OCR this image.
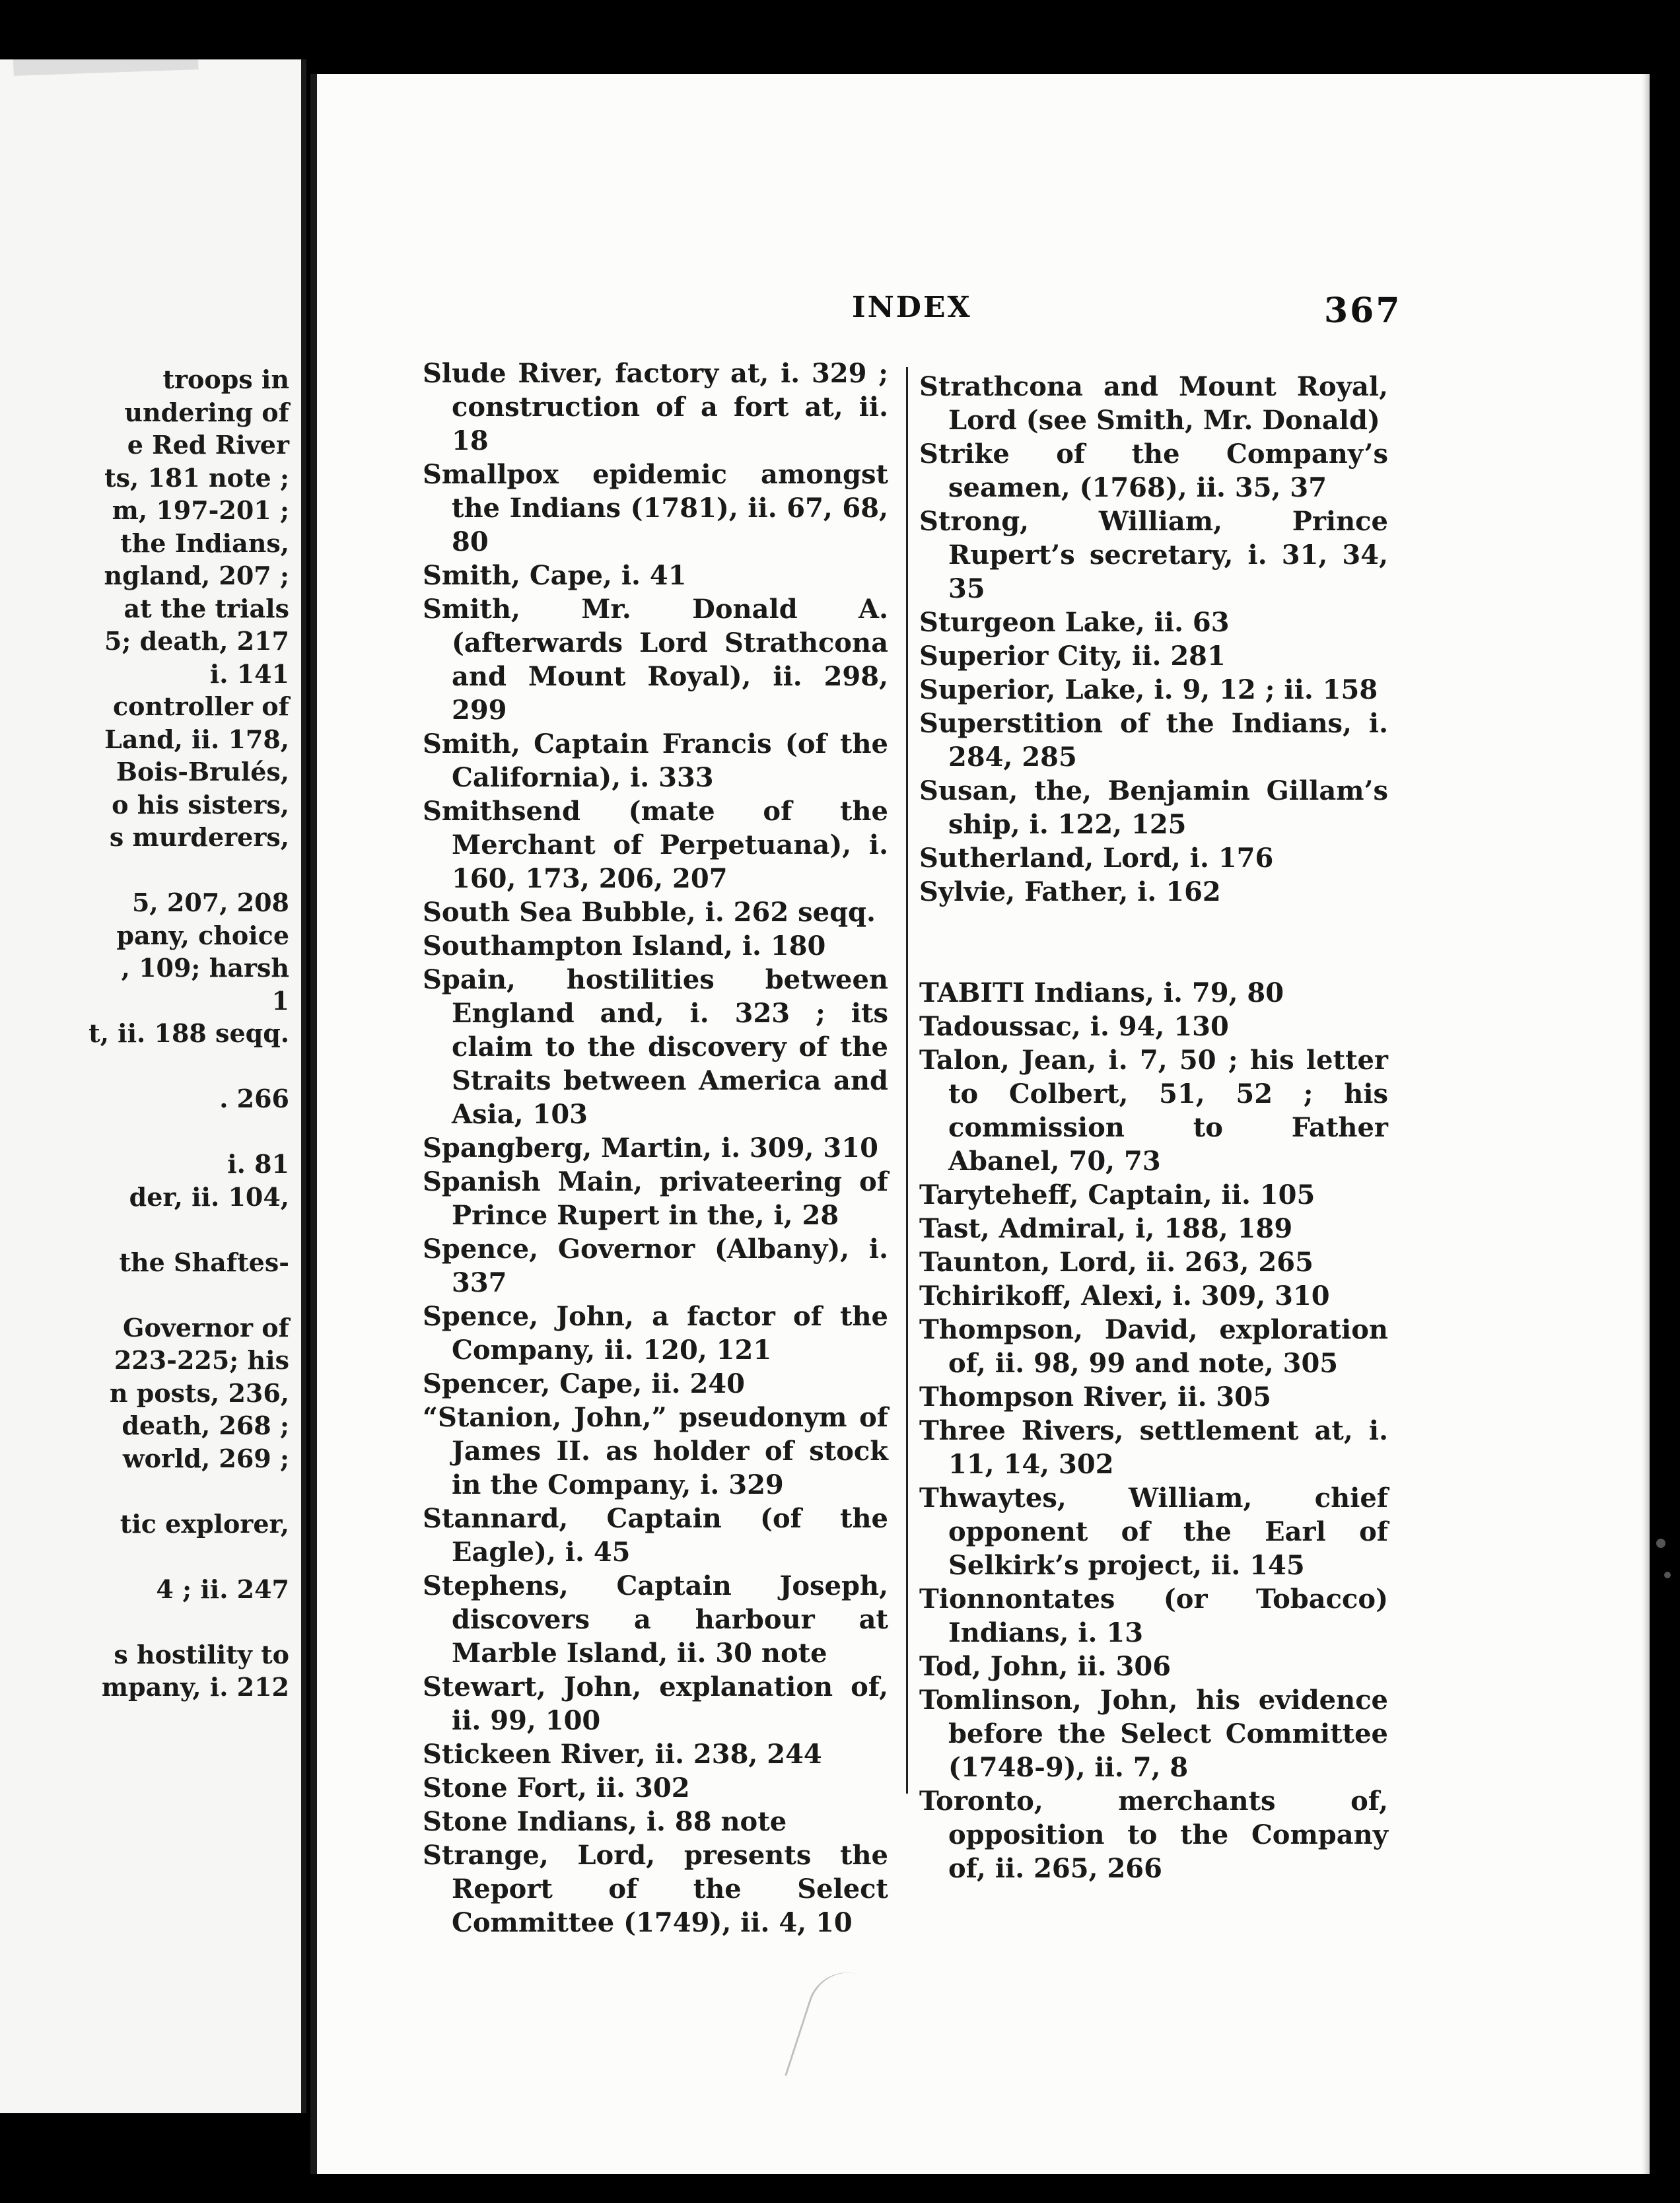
troops in
undering of
e Red River
ts, 181 note ;
m, 197-201 ;
the Indians,
ngland, 207 ;
at the trials
5; death, 217
i. 141
controller of
Land, ii. 178,
Bois-Brulés,
o his sisters,
s murderers,
5, 207, 208
pany, choice
, 109; harsh
1
t, ii. 188 seqq.
. 266
i. 81
der, ii. 104,
the Shaftes-
Governor of
223-225; his
n posts, 236,
death, 268 ;
world, 269 ;
tic explorer,
4 ; ii. 247
s hostility to
mpany, i. 212
INDEX	367

Slude River, factory at, i. 329 ; construction of a fort at, ii. 18

Smallpox epidemic amongst the Indians (1781), ii. 67, 68, 80

Smith, Cape, i. 41

Smith, Mr. Donald A. (afterwards Lord Strathcona and Mount Royal), ii. 298, 299

Smith, Captain Francis (of the California), i. 333

Smithsend (mate of the Merchant of Perpetuana), i. 160, 173, 206, 207

South Sea Bubble, i. 262 seqq.

Southampton Island, i. 180

Spain, hostilities between England and, i. 323 ; its claim to the discovery of the Straits between America and Asia, 103

Spangberg, Martin, i. 309, 310

Spanish Main, privateering of Prince Rupert in the, i, 28

Spence, Governor (Albany), i. 337

Spence, John, a factor of the Company, ii. 120, 121

Spencer, Cape, ii. 240

“Stanion, John,” pseudonym of James II. as holder of stock in the Company, i. 329

Stannard, Captain (of the Eagle), i. 45

Stephens, Captain Joseph, discovers a harbour at Marble Island, ii. 30 note

Stewart, John, explanation of, ii. 99, 100

Stickeen River, ii. 238, 244

Stone Fort, ii. 302

Stone Indians, i. 88 note

Strange, Lord, presents the Report of the Select Committee (1749), ii. 4, 10

Strathcona and Mount Royal, Lord (see Smith, Mr. Donald)

Strike of the Company’s seamen, (1768), ii. 35, 37

Strong, William, Prince Rupert’s secretary, i. 31, 34, 35

Sturgeon Lake, ii. 63

Superior City, ii. 281

Superior, Lake, i. 9, 12 ; ii. 158

Superstition of the Indians, i. 284, 285

Susan, the, Benjamin Gillam’s ship, i. 122, 125

Sutherland, Lord, i. 176

Sylvie, Father, i. 162

TABITI Indians, i. 79, 80

Tadoussac, i. 94, 130

Talon, Jean, i. 7, 50 ; his letter to Colbert, 51, 52 ; his commission to Father Abanel, 70, 73

Taryteheff, Captain, ii. 105

Tast, Admiral, i, 188, 189

Taunton, Lord, ii. 263, 265

Tchirikoff, Alexi, i. 309, 310

Thompson, David, exploration of, ii. 98, 99 and note, 305

Thompson River, ii. 305

Three Rivers, settlement at, i. 11, 14, 302

Thwaytes, William, chief opponent of the Earl of Selkirk’s project, ii. 145

Tionnontates (or Tobacco) Indians, i. 13

Tod, John, ii. 306

Tomlinson, John, his evidence before the Select Committee (1748-9), ii. 7, 8

Toronto, merchants of, opposition to the Company of, ii. 265, 266
